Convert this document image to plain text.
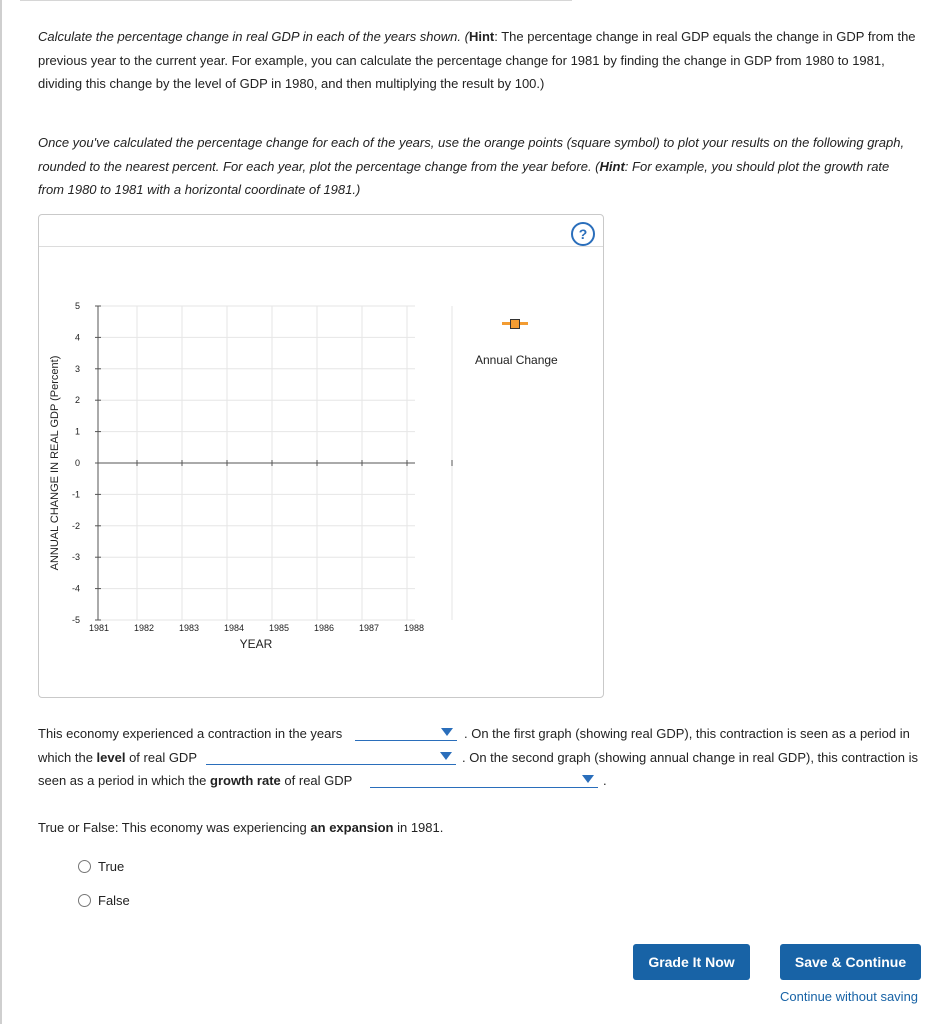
Calculate the percentage change in real GDP in each of the years shown. (Hint: The percentage change in real GDP equals the change in GDP from the previous year to the current year. For example, you can calculate the percentage change for 1981 by finding the change in GDP from 1980 to 1981, dividing this change by the level of GDP in 1980, and then multiplying the result by 100.)
Once you've calculated the percentage change for each of the years, use the orange points (square symbol) to plot your results on the following graph, rounded to the nearest percent. For each year, plot the percentage change from the year before. (Hint: For example, you should plot the growth rate from 1980 to 1981 with a horizontal coordinate of 1981.)
?
5
4
3
2
1
0
-1
-2
-3
-4
-5
1981	1982	1983	1984	1985	1986	1987	1988
YEAR
ANNUAL CHANGE IN REAL GDP (Percent)	Annual Change
This economy experienced a contraction in the years	. On the first graph (showing real GDP), this contraction is seen as a period in
which the level of real GDP	. On the second graph (showing annual change in real GDP), this contraction is
seen as a period in which the growth rate of real GDP	.
True or False: This economy was experiencing an expansion in 1981.
True
False
Grade It Now	Save & Continue
Continue without saving
